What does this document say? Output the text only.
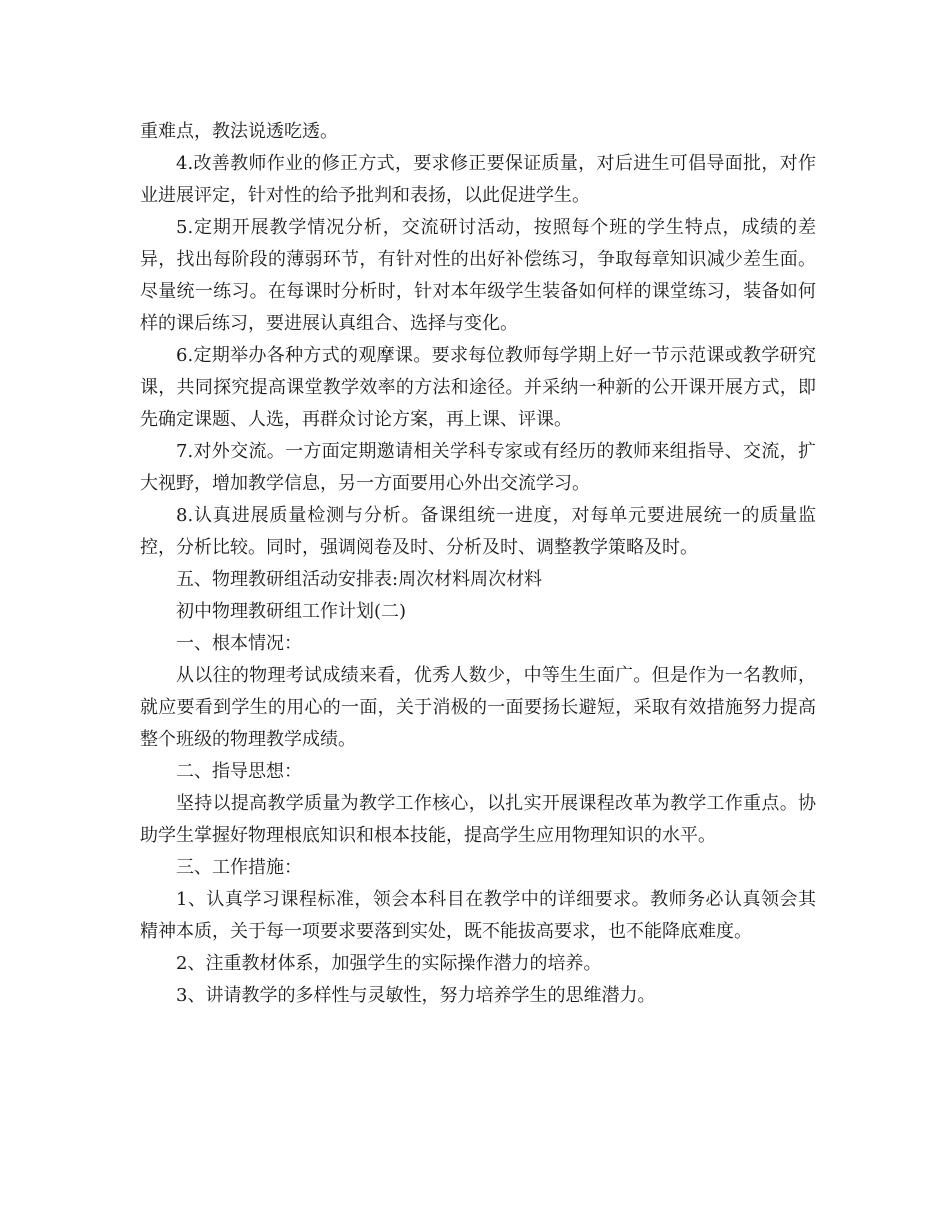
重难点，教法说透吃透。

4.改善教师作业的修正方式，要求修正要保证质量，对后进生可倡导面批，对作业进展评定，针对性的给予批判和表扬，以此促进学生。

5.定期开展教学情况分析，交流研讨活动，按照每个班的学生特点，成绩的差异，找出每阶段的薄弱环节，有针对性的出好补偿练习，争取每章知识减少差生面。尽量统一练习。在每课时分析时，针对本年级学生装备如何样的课堂练习，装备如何样的课后练习，要进展认真组合、选择与变化。

6.定期举办各种方式的观摩课。要求每位教师每学期上好一节示范课或教学研究课，共同探究提高课堂教学效率的方法和途径。并采纳一种新的公开课开展方式，即先确定课题、人选，再群众讨论方案，再上课、评课。

7.对外交流。一方面定期邀请相关学科专家或有经历的教师来组指导、交流，扩大视野，增加教学信息，另一方面要用心外出交流学习。

8.认真进展质量检测与分析。备课组统一进度，对每单元要进展统一的质量监控，分析比较。同时，强调阅卷及时、分析及时、调整教学策略及时。

五、物理教研组活动安排表:周次材料周次材料

初中物理教研组工作计划(二)

一、根本情况：

从以往的物理考试成绩来看，优秀人数少，中等生生面广。但是作为一名教师，就应要看到学生的用心的一面，关于消极的一面要扬长避短，采取有效措施努力提高整个班级的物理教学成绩。

二、指导思想：

坚持以提高教学质量为教学工作核心，以扎实开展课程改革为教学工作重点。协助学生掌握好物理根底知识和根本技能，提高学生应用物理知识的水平。

三、工作措施：

1、认真学习课程标准，领会本科目在教学中的详细要求。教师务必认真领会其精神本质，关于每一项要求要落到实处，既不能拔高要求，也不能降底难度。

2、注重教材体系，加强学生的实际操作潜力的培养。

3、讲请教学的多样性与灵敏性，努力培养学生的思维潜力。
